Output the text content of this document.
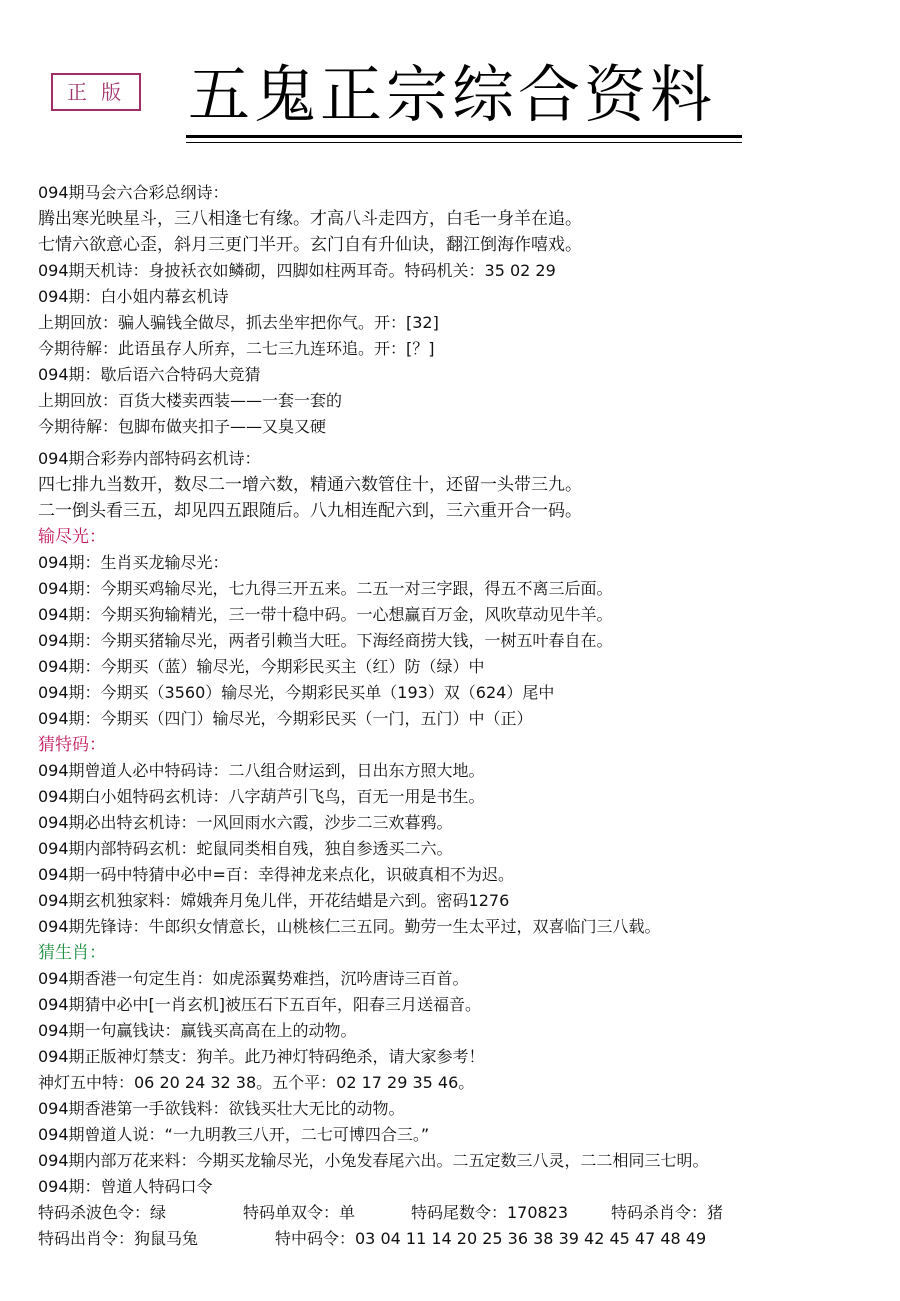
正 版 五鬼正宗综合资料
094期马会六合彩总纲诗：
腾出寒光映星斗，三八相逢七有缘。才高八斗走四方，白毛一身羊在追。
七情六欲意心歪，斜月三更门半开。玄门自有升仙诀，翻江倒海作嘻戏。
094期天机诗：身披袄衣如鳞砌，四脚如柱两耳奇。特码机关：35 02 29
094期：白小姐内幕玄机诗
上期回放：骗人骗钱全做尽，抓去坐牢把你气。开：[32]
今期待解：此语虽存人所弃，二七三九连环追。开：[？]
094期：歇后语六合特码大竞猜
上期回放：百货大楼卖西装——一套一套的
今期待解：包脚布做夹扣子——又臭又硬
094期合彩券内部特码玄机诗：
四七排九当数开，数尽二一增六数，精通六数管住十，还留一头带三九。
二一倒头看三五，却见四五跟随后。八九相连配六到，三六重开合一码。
输尽光：
094期：生肖买龙输尽光：
094期：今期买鸡输尽光，七九得三开五来。二五一对三字跟，得五不离三后面。
094期：今期买狗输精光，三一带十稳中码。一心想赢百万金，风吹草动见牛羊。
094期：今期买猪输尽光，两者引赖当大旺。下海经商捞大钱，一树五叶春自在。
094期：今期买（蓝）输尽光，今期彩民买主（红）防（绿）中
094期：今期买（3560）输尽光，今期彩民买单（193）双（624）尾中
094期：今期买（四门）输尽光，今期彩民买（一门，五门）中（正）
猜特码：
094期曾道人必中特码诗：二八组合财运到，日出东方照大地。
094期白小姐特码玄机诗：八字葫芦引飞鸟，百无一用是书生。
094期必出特玄机诗：一风回雨水六霞，沙步二三欢暮鸦。
094期内部特码玄机：蛇鼠同类相自残，独自参透买二六。
094期一码中特猜中必中=百：幸得神龙来点化，识破真相不为迟。
094期玄机独家料：嫦娥奔月兔儿伴，开花结蜡是六到。密码1276
094期先锋诗：牛郎织女情意长，山桃核仁三五同。勤劳一生太平过，双喜临门三八载。
猜生肖：
094期香港一句定生肖：如虎添翼势难挡，沉吟唐诗三百首。
094期猜中必中[一肖玄机]被压石下五百年，阳春三月送福音。
094期一句赢钱诀：赢钱买高高在上的动物。
094期正版神灯禁支：狗羊。此乃神灯特码绝杀，请大家参考！
神灯五中特：06 20 24 32 38。五个平：02 17 29 35 46。
094期香港第一手欲钱料：欲钱买壮大无比的动物。
094期曾道人说：“一九明教三八开，二七可博四合三。”
094期内部万花来料：今期买龙输尽光，小兔发春尾六出。二五定数三八灵，二二相同三七明。
094期：曾道人特码口令
特码杀波色令：绿	特码单双令：单	特码尾数令：170823	特码杀肖令：猪
特码出肖令：狗鼠马兔	特中码令：03 04 11 14 20 25 36 38 39 42 45 47 48 49
